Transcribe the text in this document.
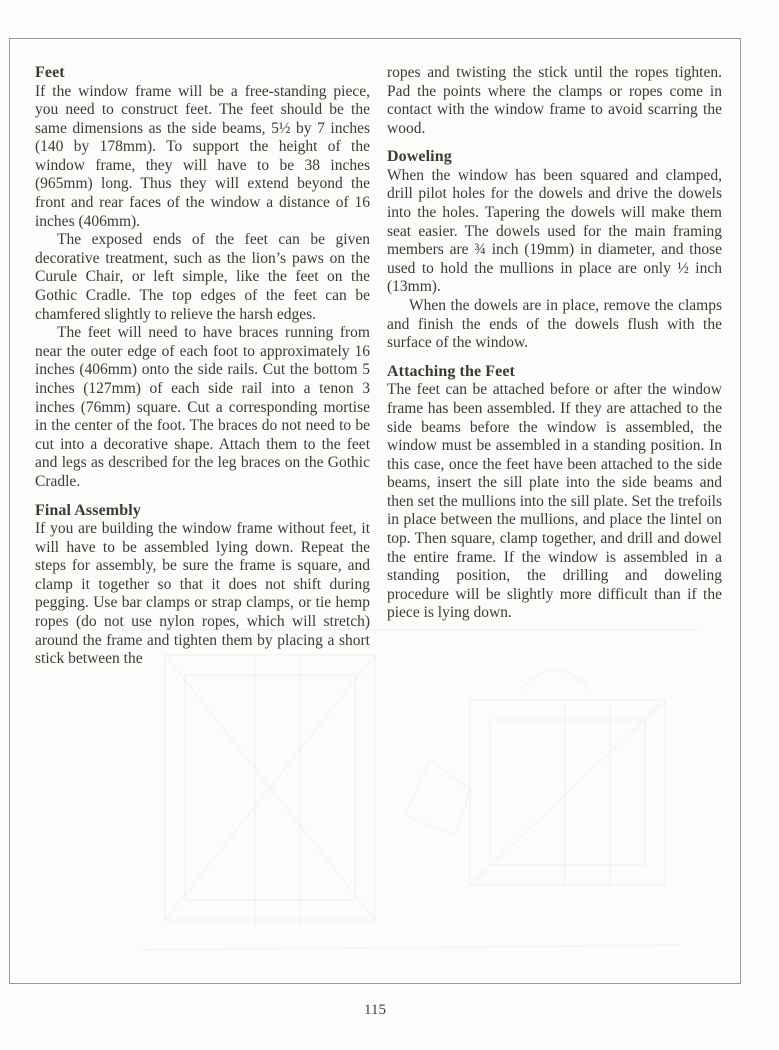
Feet

If the window frame will be a free-standing piece, you need to construct feet. The feet should be the same dimensions as the side beams, 5½ by 7 inches (140 by 178mm). To support the height of the window frame, they will have to be 38 inches (965mm) long. Thus they will extend beyond the front and rear faces of the window a distance of 16 inches (406mm).

The exposed ends of the feet can be given decorative treatment, such as the lion’s paws on the Curule Chair, or left simple, like the feet on the Gothic Cradle. The top edges of the feet can be chamfered slightly to relieve the harsh edges.

The feet will need to have braces running from near the outer edge of each foot to approximately 16 inches (406mm) onto the side rails. Cut the bottom 5 inches (127mm) of each side rail into a tenon 3 inches (76mm) square. Cut a corresponding mortise in the center of the foot. The braces do not need to be cut into a decorative shape. Attach them to the feet and legs as described for the leg braces on the Gothic Cradle.

Final Assembly

If you are building the window frame without feet, it will have to be assembled lying down. Repeat the steps for assembly, be sure the frame is square, and clamp it together so that it does not shift during pegging. Use bar clamps or strap clamps, or tie hemp ropes (do not use nylon ropes, which will stretch) around the frame and tighten them by placing a short stick between the

ropes and twisting the stick until the ropes tighten. Pad the points where the clamps or ropes come in contact with the window frame to avoid scarring the wood.

Doweling

When the window has been squared and clamped, drill pilot holes for the dowels and drive the dowels into the holes. Tapering the dowels will make them seat easier. The dowels used for the main framing members are ¾ inch (19mm) in diameter, and those used to hold the mullions in place are only ½ inch (13mm).

When the dowels are in place, remove the clamps and finish the ends of the dowels flush with the surface of the window.

Attaching the Feet

The feet can be attached before or after the window frame has been assembled. If they are attached to the side beams before the window is assembled, the window must be assembled in a standing position. In this case, once the feet have been attached to the side beams, insert the sill plate into the side beams and then set the mullions into the sill plate. Set the trefoils in place between the mullions, and place the lintel on top. Then square, clamp together, and drill and dowel the entire frame. If the window is assembled in a standing position, the drilling and doweling procedure will be slightly more difficult than if the piece is lying down.

115
